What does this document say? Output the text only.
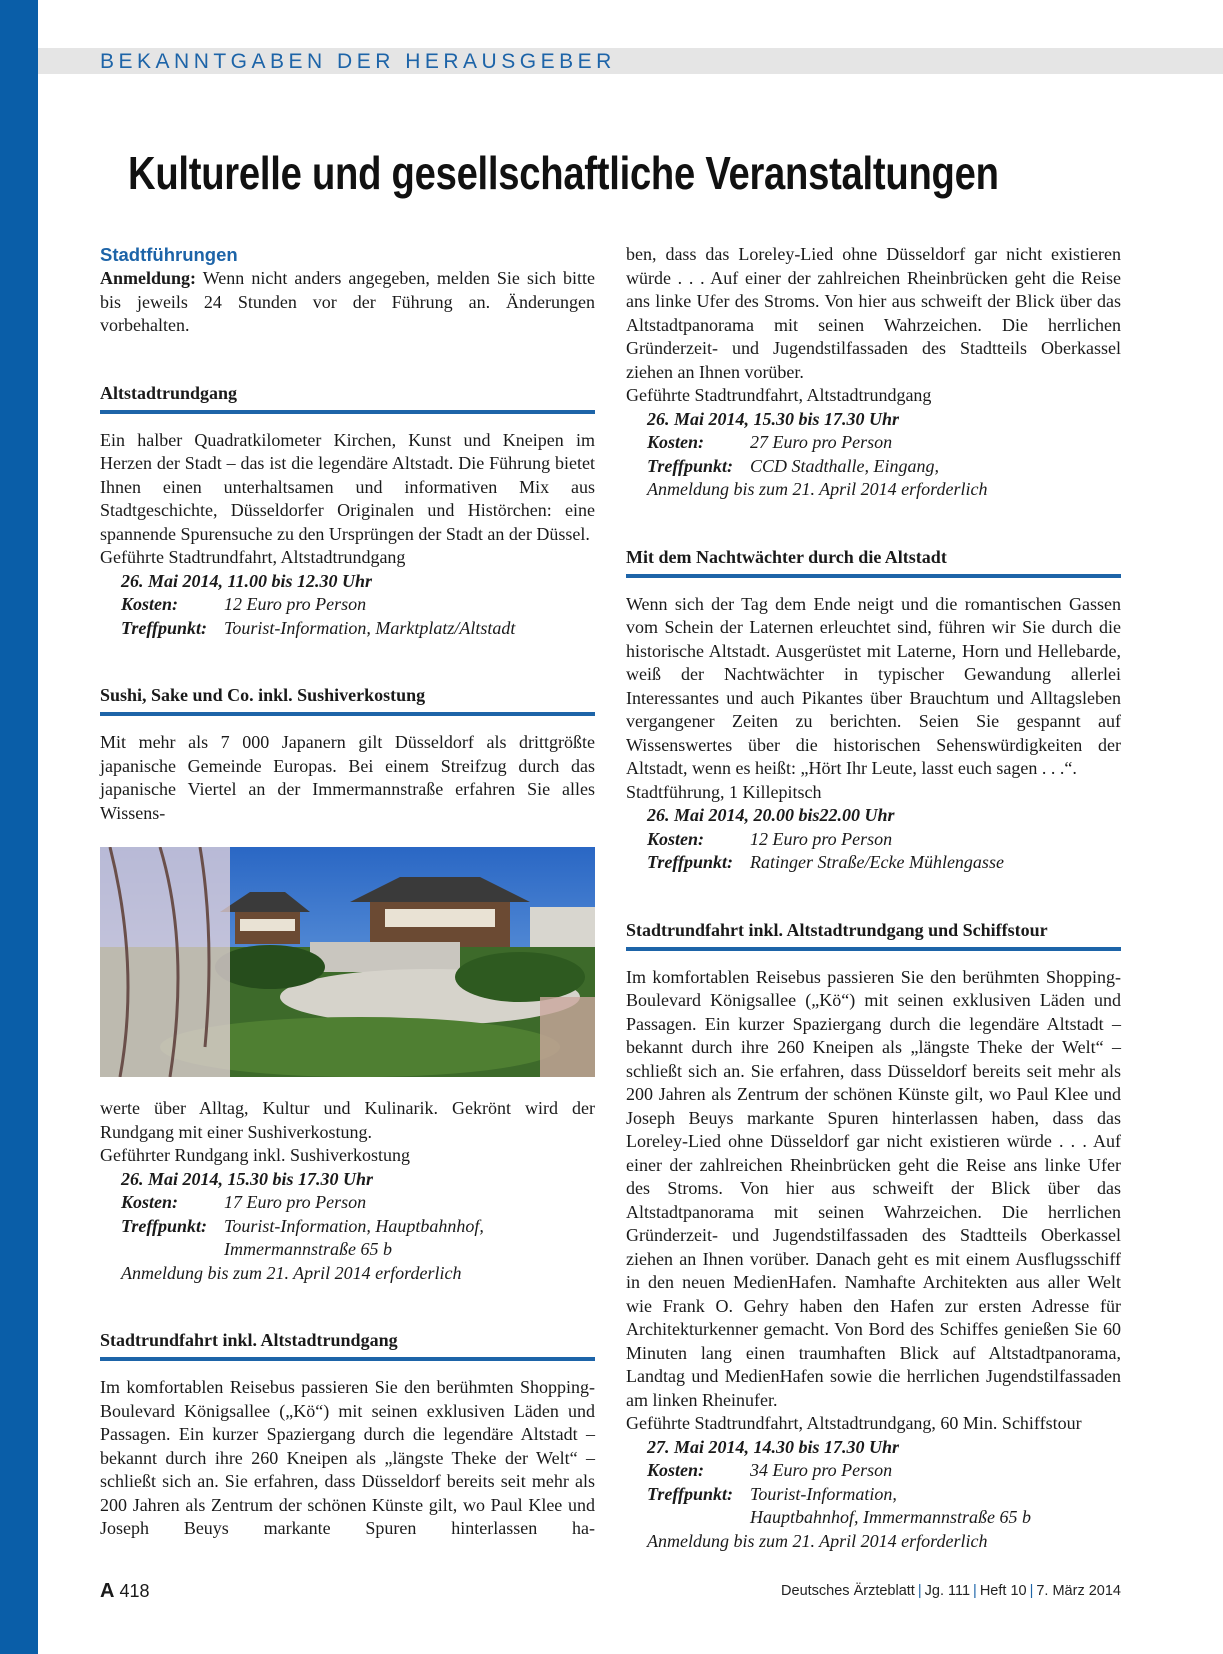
BEKANNTGABEN DER HERAUSGEBER
Kulturelle und gesellschaftliche Veranstaltungen
Stadtführungen

Anmeldung: Wenn nicht anders angegeben, melden Sie sich bitte bis jeweils 24 Stunden vor der Führung an. Änderungen vorbehalten.

Altstadtrundgang

Ein halber Quadratkilometer Kirchen, Kunst und Kneipen im Herzen der Stadt – das ist die legendäre Altstadt. Die Führung bietet Ihnen einen unterhaltsamen und informativen Mix aus Stadtgeschichte, Düsseldorfer Originalen und Histörchen: eine spannende Spurensuche zu den Ursprüngen der Stadt an der Düssel.

Geführte Stadtrundfahrt, Altstadtrundgang

26. Mai 2014, 11.00 bis 12.30 Uhr
Kosten:	12 Euro pro Person
Treffpunkt: Tourist-Information, Marktplatz/Altstadt
Sushi, Sake und Co. inkl. Sushiverkostung

Mit mehr als 7 000 Japanern gilt Düsseldorf als drittgrößte japanische Gemeinde Europas. Bei einem Streifzug durch das japanische Viertel an der Immermannstraße erfahren Sie alles Wissens-

werte über Alltag, Kultur und Kulinarik. Gekrönt wird der Rundgang mit einer Sushiverkostung.

Geführter Rundgang inkl. Sushiverkostung

26. Mai 2014, 15.30 bis 17.30 Uhr
Kosten:	17 Euro pro Person
Treffpunkt: Tourist-Information, Hauptbahnhof,
Immermannstraße 65 b
Anmeldung bis zum 21. April 2014 erforderlich
Stadtrundfahrt inkl. Altstadtrundgang

Im komfortablen Reisebus passieren Sie den berühmten Shopping-Boulevard Königsallee („Kö“) mit seinen exklusiven Läden und Passagen. Ein kurzer Spaziergang durch die legendäre Altstadt – bekannt durch ihre 260 Kneipen als „längste Theke der Welt“ – schließt sich an. Sie erfahren, dass Düsseldorf bereits seit mehr als 200 Jahren als Zentrum der schönen Künste gilt, wo Paul Klee und Joseph Beuys markante Spuren hinterlassen ha-

ben, dass das Loreley-Lied ohne Düsseldorf gar nicht existieren würde . . . Auf einer der zahlreichen Rheinbrücken geht die Reise ans linke Ufer des Stroms. Von hier aus schweift der Blick über das Altstadtpanorama mit seinen Wahrzeichen. Die herrlichen Gründerzeit- und Jugendstilfassaden des Stadtteils Oberkassel ziehen an Ihnen vorüber.

Geführte Stadtrundfahrt, Altstadtrundgang

26. Mai 2014, 15.30 bis 17.30 Uhr
Kosten:	27 Euro pro Person
Treffpunkt: CCD Stadthalle, Eingang,
Anmeldung bis zum 21. April 2014 erforderlich
Mit dem Nachtwächter durch die Altstadt

Wenn sich der Tag dem Ende neigt und die romantischen Gassen vom Schein der Laternen erleuchtet sind, führen wir Sie durch die historische Altstadt. Ausgerüstet mit Laterne, Horn und Hellebarde, weiß der Nachtwächter in typischer Gewandung allerlei Interessantes und auch Pikantes über Brauchtum und Alltagsleben vergangener Zeiten zu berichten. Seien Sie gespannt auf Wissenswertes über die historischen Sehenswürdigkeiten der Altstadt, wenn es heißt: „Hört Ihr Leute, lasst euch sagen . . .“.

Stadtführung, 1 Killepitsch

26. Mai 2014, 20.00 bis22.00 Uhr
Kosten:	12 Euro pro Person
Treffpunkt: Ratinger Straße/Ecke Mühlengasse
Stadtrundfahrt inkl. Altstadtrundgang und Schiffstour

Im komfortablen Reisebus passieren Sie den berühmten Shopping-Boulevard Königsallee („Kö“) mit seinen exklusiven Läden und Passagen. Ein kurzer Spaziergang durch die legendäre Altstadt – bekannt durch ihre 260 Kneipen als „längste Theke der Welt“ – schließt sich an. Sie erfahren, dass Düsseldorf bereits seit mehr als 200 Jahren als Zentrum der schönen Künste gilt, wo Paul Klee und Joseph Beuys markante Spuren hinterlassen haben, dass das Loreley-Lied ohne Düsseldorf gar nicht existieren würde . . . Auf einer der zahlreichen Rheinbrücken geht die Reise ans linke Ufer des Stroms. Von hier aus schweift der Blick über das Altstadtpanorama mit seinen Wahrzeichen. Die herrlichen Gründerzeit- und Jugendstilfassaden des Stadtteils Oberkassel ziehen an Ihnen vorüber. Danach geht es mit einem Ausflugsschiff in den neuen MedienHafen. Namhafte Architekten aus aller Welt wie Frank O. Gehry haben den Hafen zur ersten Adresse für Architekturkenner gemacht. Von Bord des Schiffes genießen Sie 60 Minuten lang einen traumhaften Blick auf Altstadtpanorama, Landtag und MedienHafen sowie die herrlichen Jugendstilfassaden am linken Rheinufer.

Geführte Stadtrundfahrt, Altstadtrundgang, 60 Min. Schiffstour

27. Mai 2014, 14.30 bis 17.30 Uhr
Kosten:	34 Euro pro Person
Treffpunkt: Tourist-Information,
Hauptbahnhof, Immermannstraße 65 b
Anmeldung bis zum 21. April 2014 erforderlich
A 418	Deutsches Ärzteblatt | Jg. 111 | Heft 10 | 7. März 2014
